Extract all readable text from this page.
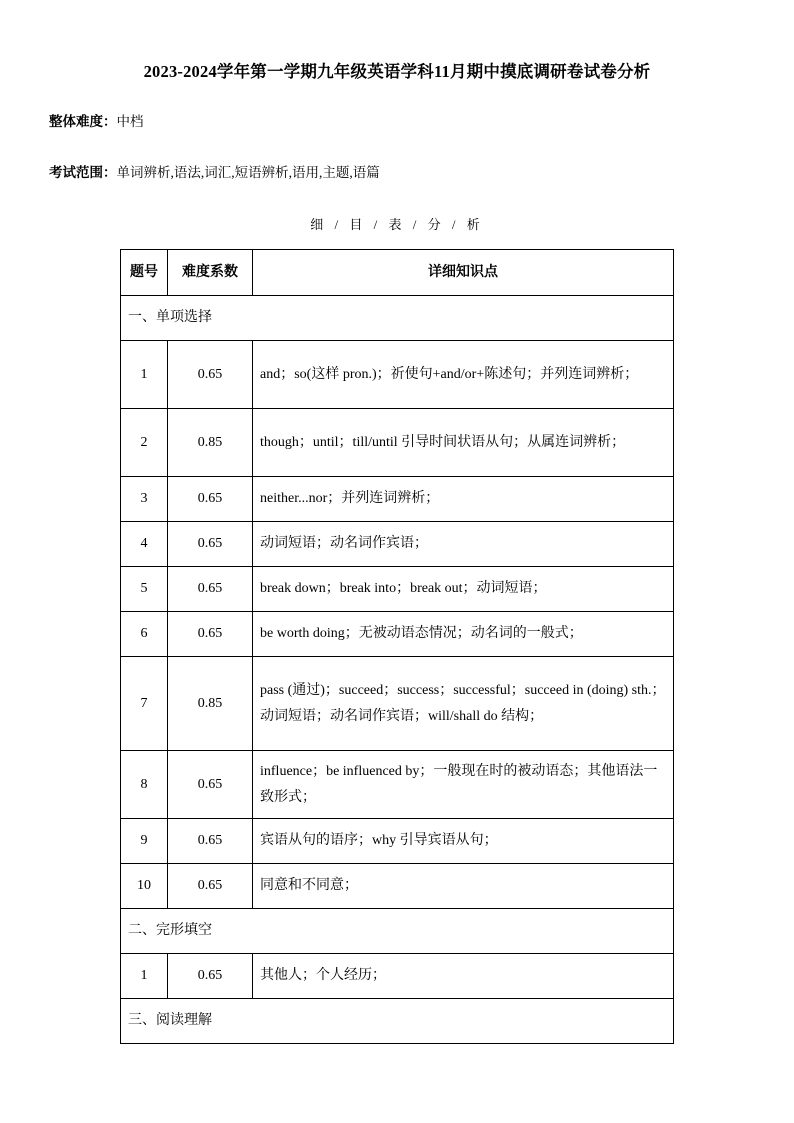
2023-2024学年第一学期九年级英语学科11月期中摸底调研卷试卷分析
整体难度：中档
考试范围：单词辨析,语法,词汇,短语辨析,语用,主题,语篇
细 / 目 / 表 / 分 / 析
题号	难度系数	详细知识点
一、单项选择		
1	0.65	and；so(这样 pron.)；祈使句+and/or+陈述句；并列连词辨析；
2	0.85	though；until；till/until 引导时间状语从句；从属连词辨析；
3	0.65	neither...nor；并列连词辨析；
4	0.65	动词短语；动名词作宾语；
5	0.65	break down；break into；break out；动词短语；
6	0.65	be worth doing；无被动语态情况；动名词的一般式；
7	0.85	pass (通过)；succeed；success；successful；succeed in (doing) sth.；动词短语；动名词作宾语；will/shall do 结构；
8	0.65	influence；be influenced by；一般现在时的被动语态；其他语法一致形式；
9	0.65	宾语从句的语序；why 引导宾语从句；
10	0.65	同意和不同意；
二、完形填空		
1	0.65	其他人；个人经历；
三、阅读理解		
